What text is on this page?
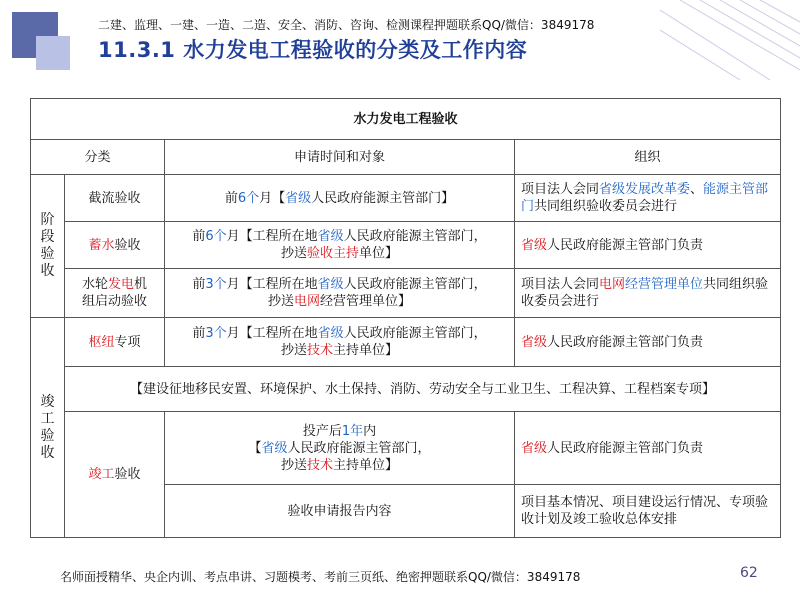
二建、监理、一建、一造、二造、安全、消防、咨询、检测课程押题联系QQ/微信：3849178
11.3.1 水力发电工程验收的分类及工作内容
水力发电工程验收			
分类		申请时间和对象	组织
阶段验收	截流验收	前6个月【省级人民政府能源主管部门】	项目法人会同省级发展改革委、能源主管部门共同组织验收委员会进行
	蓄水验收	前6个月【工程所在地省级人民政府能源主管部门，
抄送验收主持单位】	省级人民政府能源主管部门负责
	水轮发电机
组启动验收	前3个月【工程所在地省级人民政府能源主管部门，
抄送电网经营管理单位】	项目法人会同电网经营管理单位共同组织验收委员会进行
竣工验收	枢纽专项	前3个月【工程所在地省级人民政府能源主管部门，
抄送技术主持单位】	省级人民政府能源主管部门负责
	【建设征地移民安置、环境保护、水土保持、消防、劳动安全与工业卫生、工程决算、工程档案专项】		
	竣工验收	投产后1年内
【省级人民政府能源主管部门，
抄送技术主持单位】	省级人民政府能源主管部门负责
		验收申请报告内容	项目基本情况、项目建设运行情况、专项验收计划及竣工验收总体安排
名师面授精华、央企内训、考点串讲、习题模考、考前三页纸、绝密押题联系QQ/微信：3849178	62
